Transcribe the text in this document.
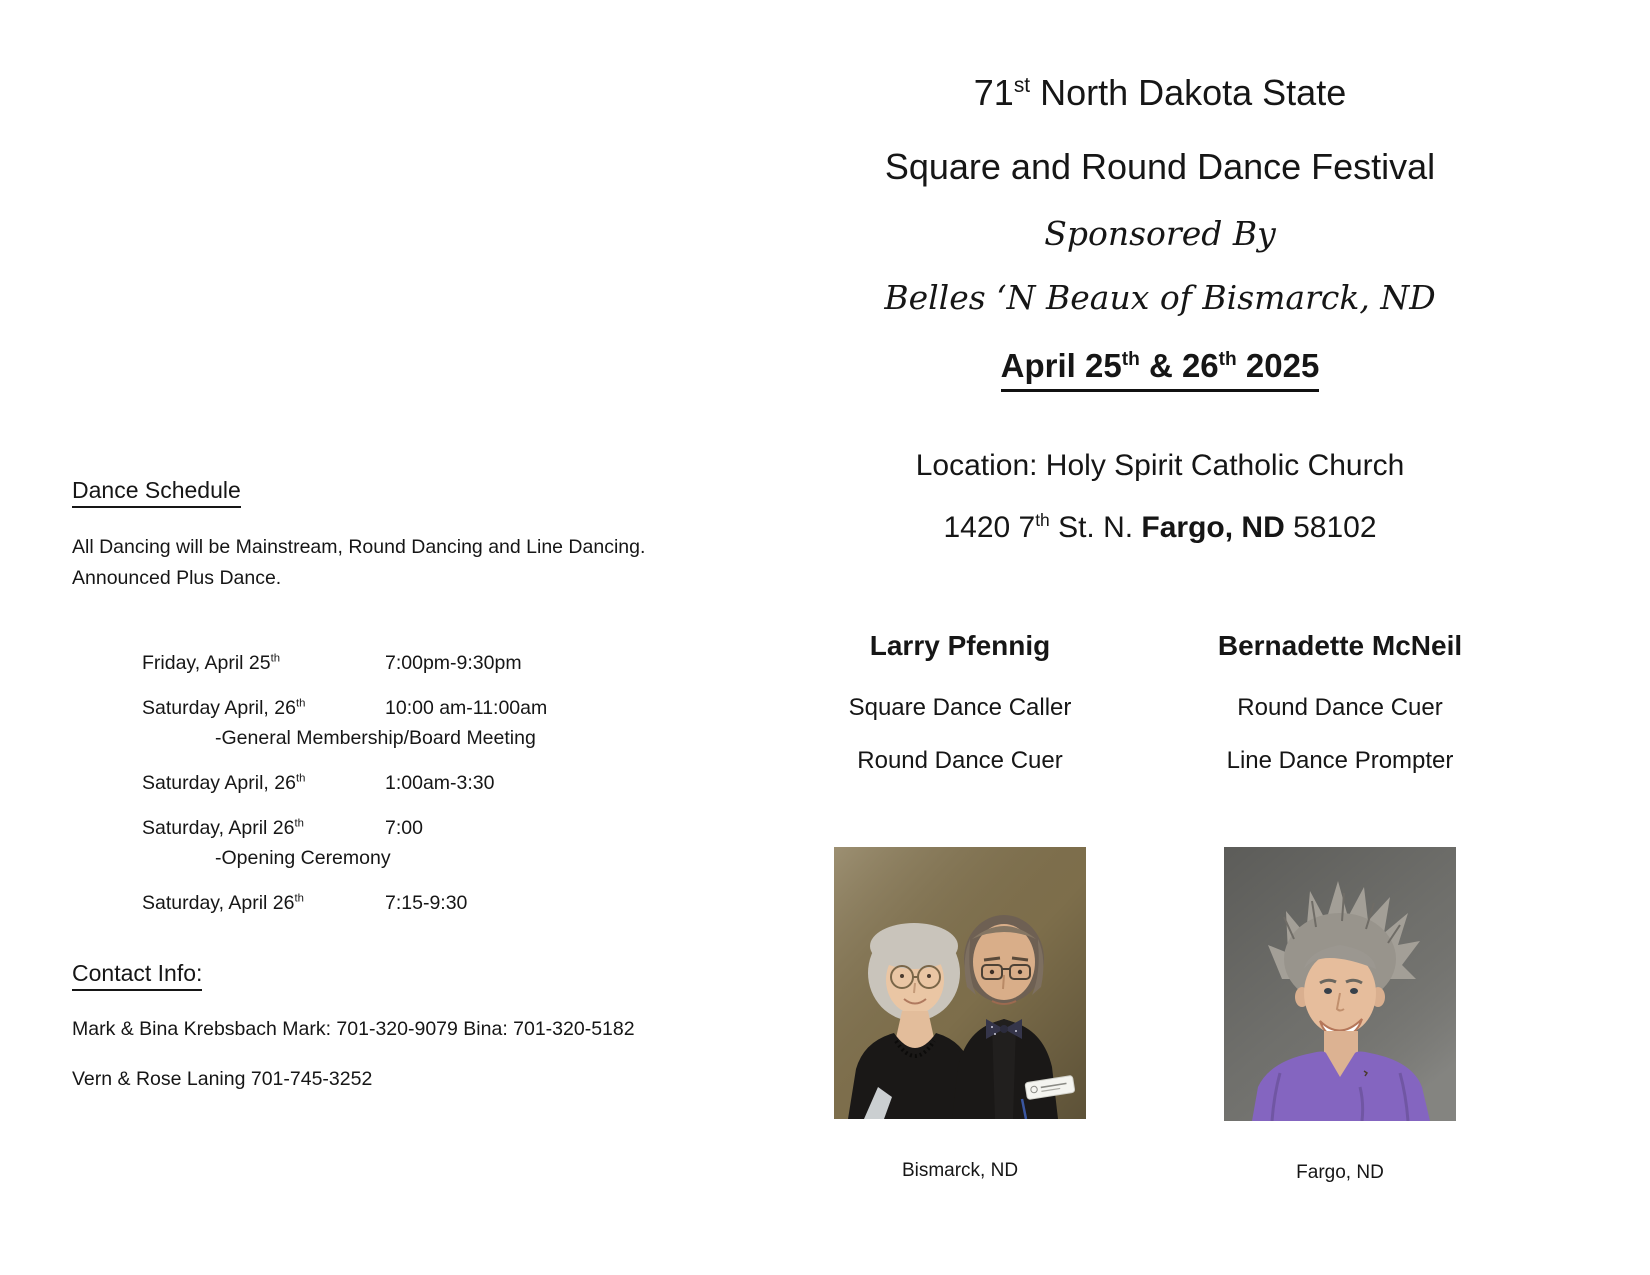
71st North Dakota State
Square and Round Dance Festival
Sponsored By
Belles ‘N Beaux of Bismarck, ND
April 25th & 26th 2025
Location: Holy Spirit Catholic Church
1420 7th St. N. Fargo, ND 58102
Larry Pfennig
Square Dance Caller
Round Dance Cuer
Bismarck, ND
Bernadette McNeil
Round Dance Cuer
Line Dance Prompter
Fargo, ND
Dance Schedule
All Dancing will be Mainstream, Round Dancing and Line Dancing.
Announced Plus Dance.
Friday, April 25th	7:00pm-9:30pm
Saturday April, 26th	10:00 am-11:00am
-General Membership/Board Meeting
Saturday April, 26th	1:00am-3:30
Saturday, April 26th	7:00
-Opening Ceremony
Saturday, April 26th	7:15-9:30
Contact Info:
Mark & Bina Krebsbach Mark: 701-320-9079 Bina: 701-320-5182
Vern & Rose Laning 701-745-3252
